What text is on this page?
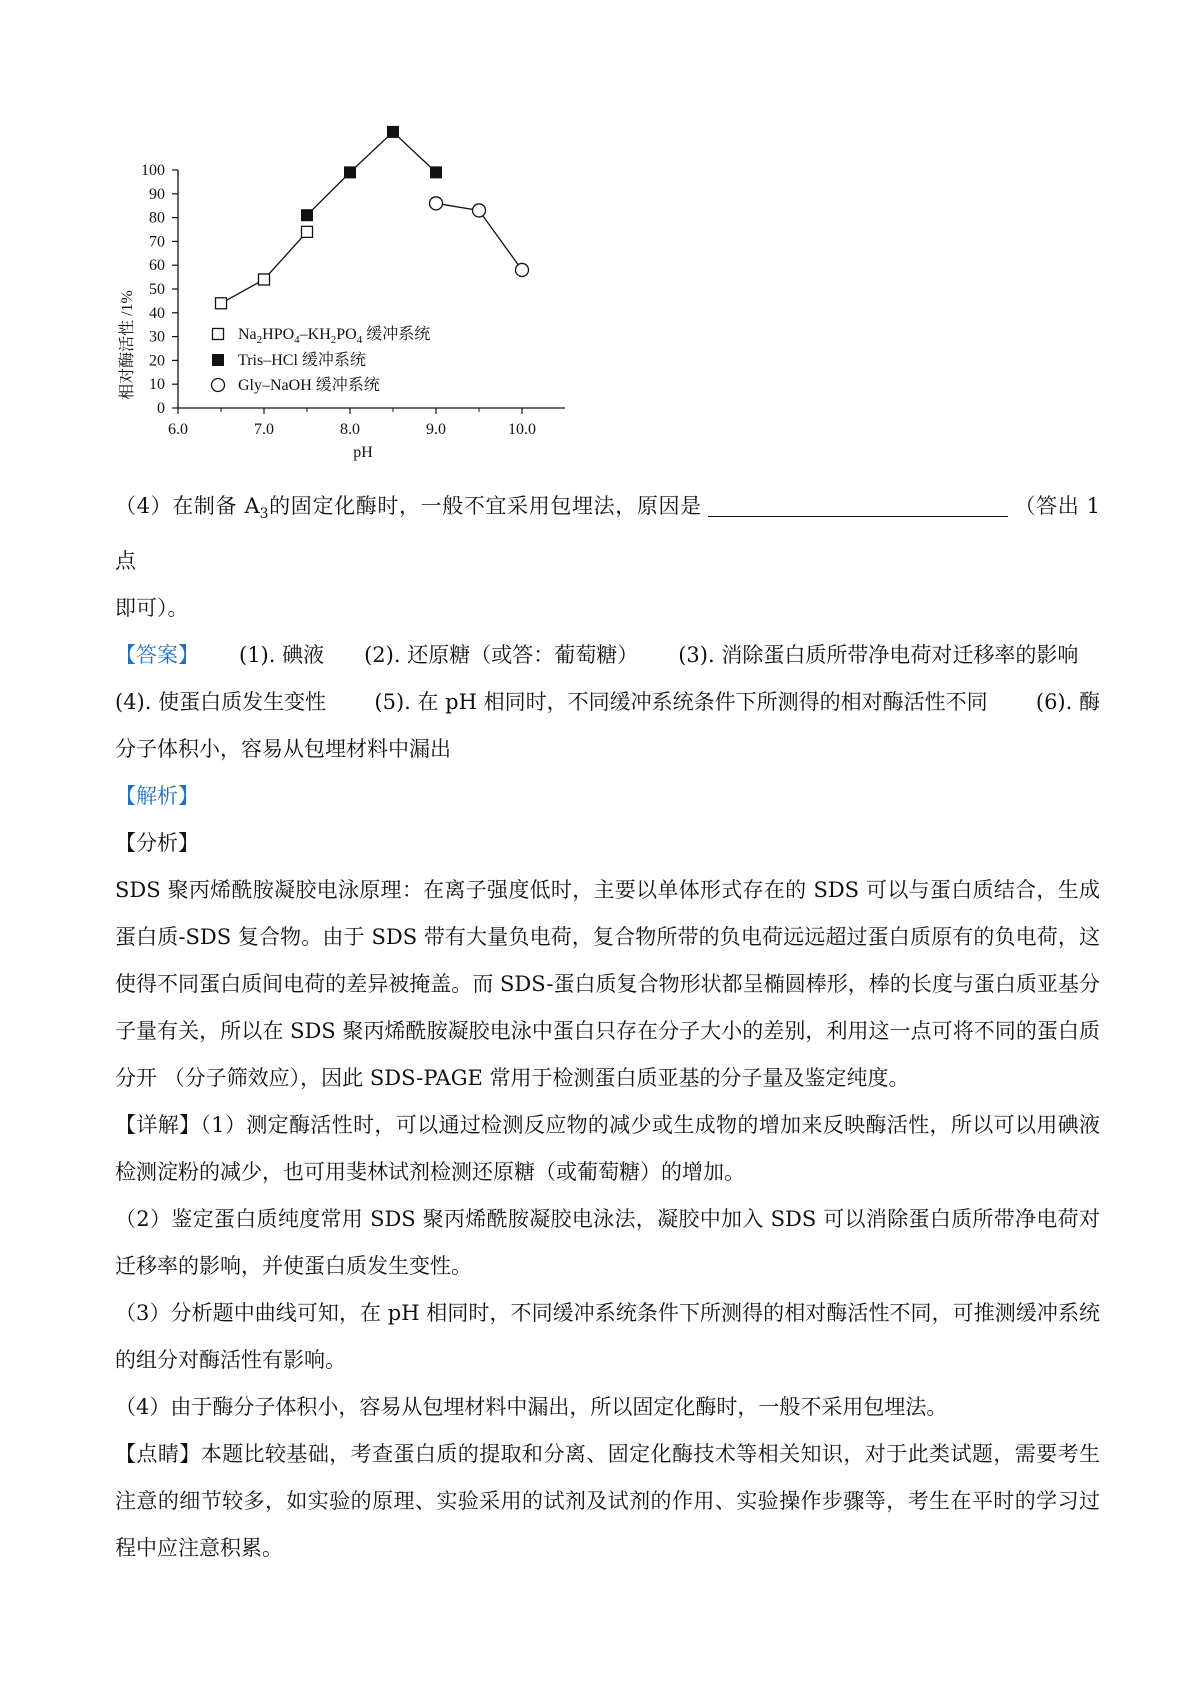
0
10
20
30
40
50
60
70
80
90
100
6.0	7.0	8.0	9.0	10.0
$Na_2HPO_4-KH_2PO_4$ 缓冲系统
Tris–HCl 缓冲系统
Gly–NaOH 缓冲系统
相对酶活性 /1%
pH

（4）在制备 $A_3$的固定化酶时，一般不宜采用包埋法，原因是	（答出 1 点

即可）。

【答案】 (1). 碘液 (2). 还原糖（或答：葡萄糖） (3). 消除蛋白质所带净电荷对迁移率的影响

(4). 使蛋白质发生变性 (5). 在 pH 相同时，不同缓冲系统条件下所测得的相对酶活性不同 (6). 酶

分子体积小，容易从包埋材料中漏出

【解析】

【分析】

SDS 聚丙烯酰胺凝胶电泳原理：在离子强度低时，主要以单体形式存在的 SDS 可以与蛋白质结合，生成蛋白质-SDS 复合物。由于 SDS 带有大量负电荷，复合物所带的负电荷远远超过蛋白质原有的负电荷，这使得不同蛋白质间电荷的差异被掩盖。而 SDS-蛋白质复合物形状都呈椭圆棒形，棒的长度与蛋白质亚基分子量有关，所以在 SDS 聚丙烯酰胺凝胶电泳中蛋白只存在分子大小的差别，利用这一点可将不同的蛋白质分开 （分子筛效应），因此 SDS-PAGE 常用于检测蛋白质亚基的分子量及鉴定纯度。

【详解】（1）测定酶活性时，可以通过检测反应物的减少或生成物的增加来反映酶活性，所以可以用碘液检测淀粉的减少，也可用斐林试剂检测还原糖（或葡萄糖）的增加。

（2）鉴定蛋白质纯度常用 SDS 聚丙烯酰胺凝胶电泳法，凝胶中加入 SDS 可以消除蛋白质所带净电荷对迁移率的影响，并使蛋白质发生变性。

（3）分析题中曲线可知，在 pH 相同时，不同缓冲系统条件下所测得的相对酶活性不同，可推测缓冲系统的组分对酶活性有影响。

（4）由于酶分子体积小，容易从包埋材料中漏出，所以固定化酶时，一般不采用包埋法。

【点睛】本题比较基础，考查蛋白质的提取和分离、固定化酶技术等相关知识，对于此类试题，需要考生注意的细节较多，如实验的原理、实验采用的试剂及试剂的作用、实验操作步骤等，考生在平时的学习过程中应注意积累。
